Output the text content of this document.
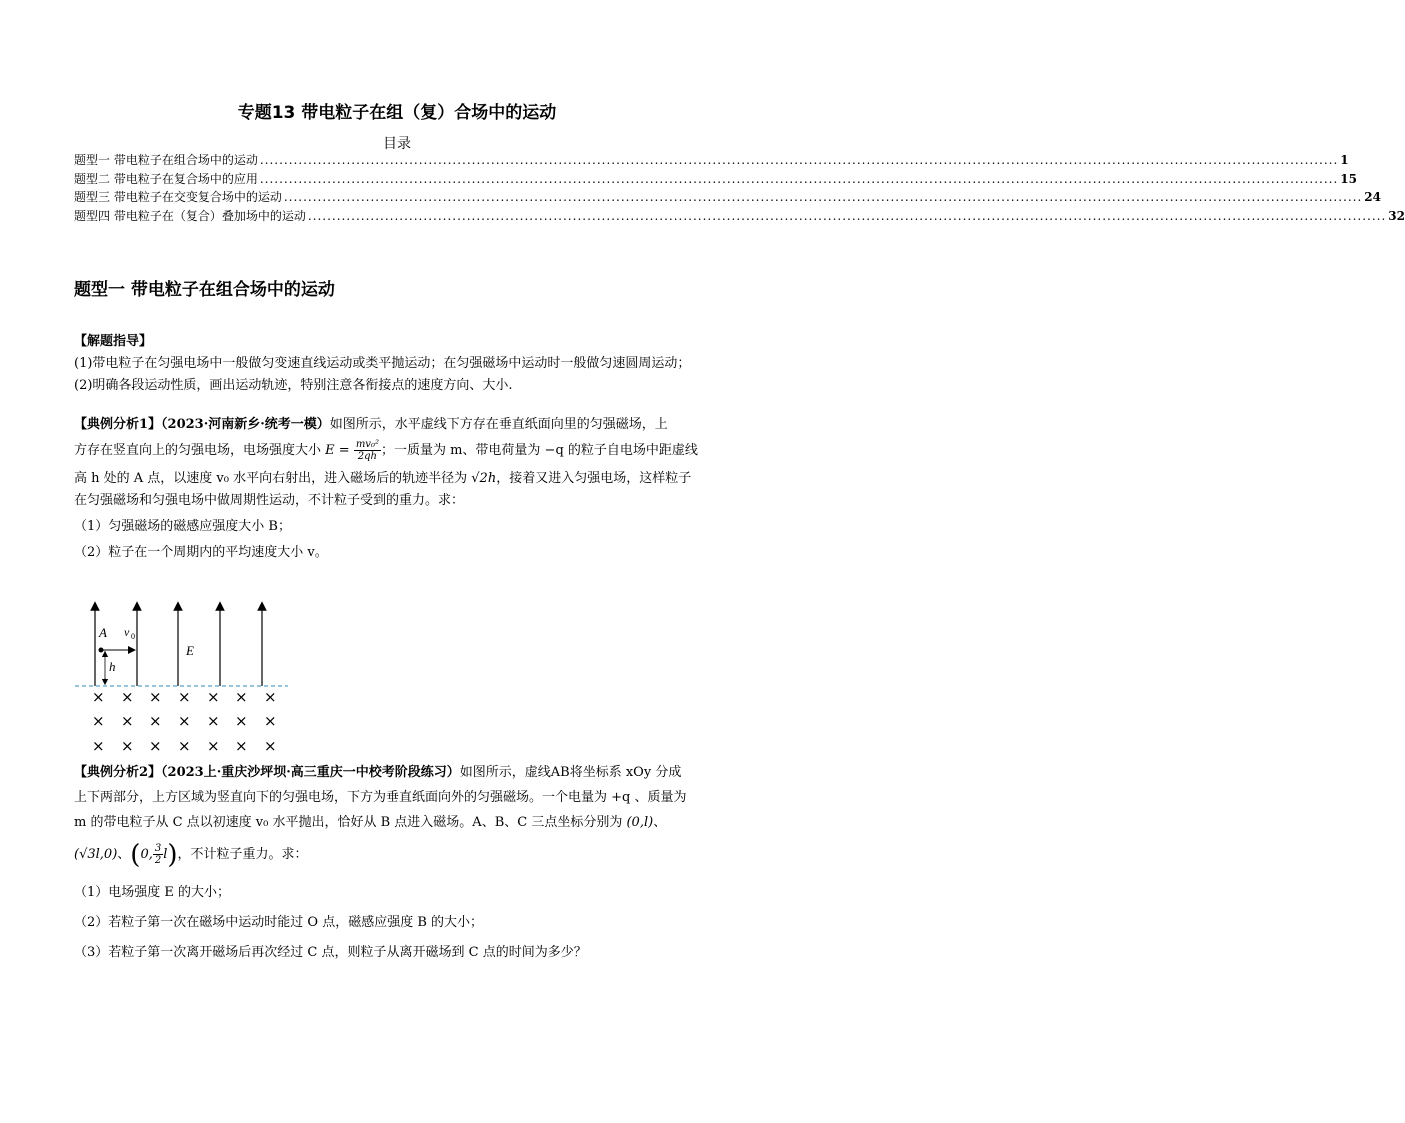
专题13 带电粒子在组（复）合场中的运动
目录
题型一 带电粒子在组合场中的运动 ................................................................................................................................................................................................................................ 1
题型二 带电粒子在复合场中的应用 ................................................................................................................................................................................................................................ 15
题型三 带电粒子在交变复合场中的运动 ................................................................................................................................................................................................................................ 24
题型四 带电粒子在（复合）叠加场中的运动 ................................................................................................................................................................................................................................ 32
题型一 带电粒子在组合场中的运动
【解题指导】
(1)带电粒子在匀强电场中一般做匀变速直线运动或类平抛运动；在匀强磁场中运动时一般做匀速圆周运动；
(2)明确各段运动性质，画出运动轨迹，特别注意各衔接点的速度方向、大小.
【典例分析1】（2023·河南新乡·统考一模）如图所示，水平虚线下方存在垂直纸面向里的匀强磁场，上
方存在竖直向上的匀强电场，电场强度大小 $E = \frac{\text{mv₀²}}{2qh}$ ；一质量为 m、带电荷量为 −q 的粒子自电场中距虚线
高 h 处的 A 点，以速度 v₀ 水平向右射出，进入磁场后的轨迹半径为 √2h，接着又进入匀强电场，这样粒子
在匀强磁场和匀强电场中做周期性运动，不计粒子受到的重力。求：
（1）匀强磁场的磁感应强度大小 B；
（2）粒子在一个周期内的平均速度大小 v。
A v 0
h
E
× × × × × × ×
× × × × × × ×
× × × × × × ×
【典例分析2】（2023上·重庆沙坪坝·高三重庆一中校考阶段练习）如图所示，虚线AB将坐标系 xOy 分成
上下两部分，上方区域为竖直向下的匀强电场，下方为垂直纸面向外的匀强磁场。一个电量为 +q 、质量为
m 的带电粒子从 C 点以初速度 v₀ 水平抛出，恰好从 B 点进入磁场。A、B、C 三点坐标分别为 (0,l)、
(√3l,0)、(0, $\frac{3}{2} l$)，不计粒子重力。求：
（1）电场强度 E 的大小；
（2）若粒子第一次在磁场中运动时能过 O 点，磁感应强度 B 的大小；
（3）若粒子第一次离开磁场后再次经过 C 点，则粒子从离开磁场到 C 点的时间为多少？
